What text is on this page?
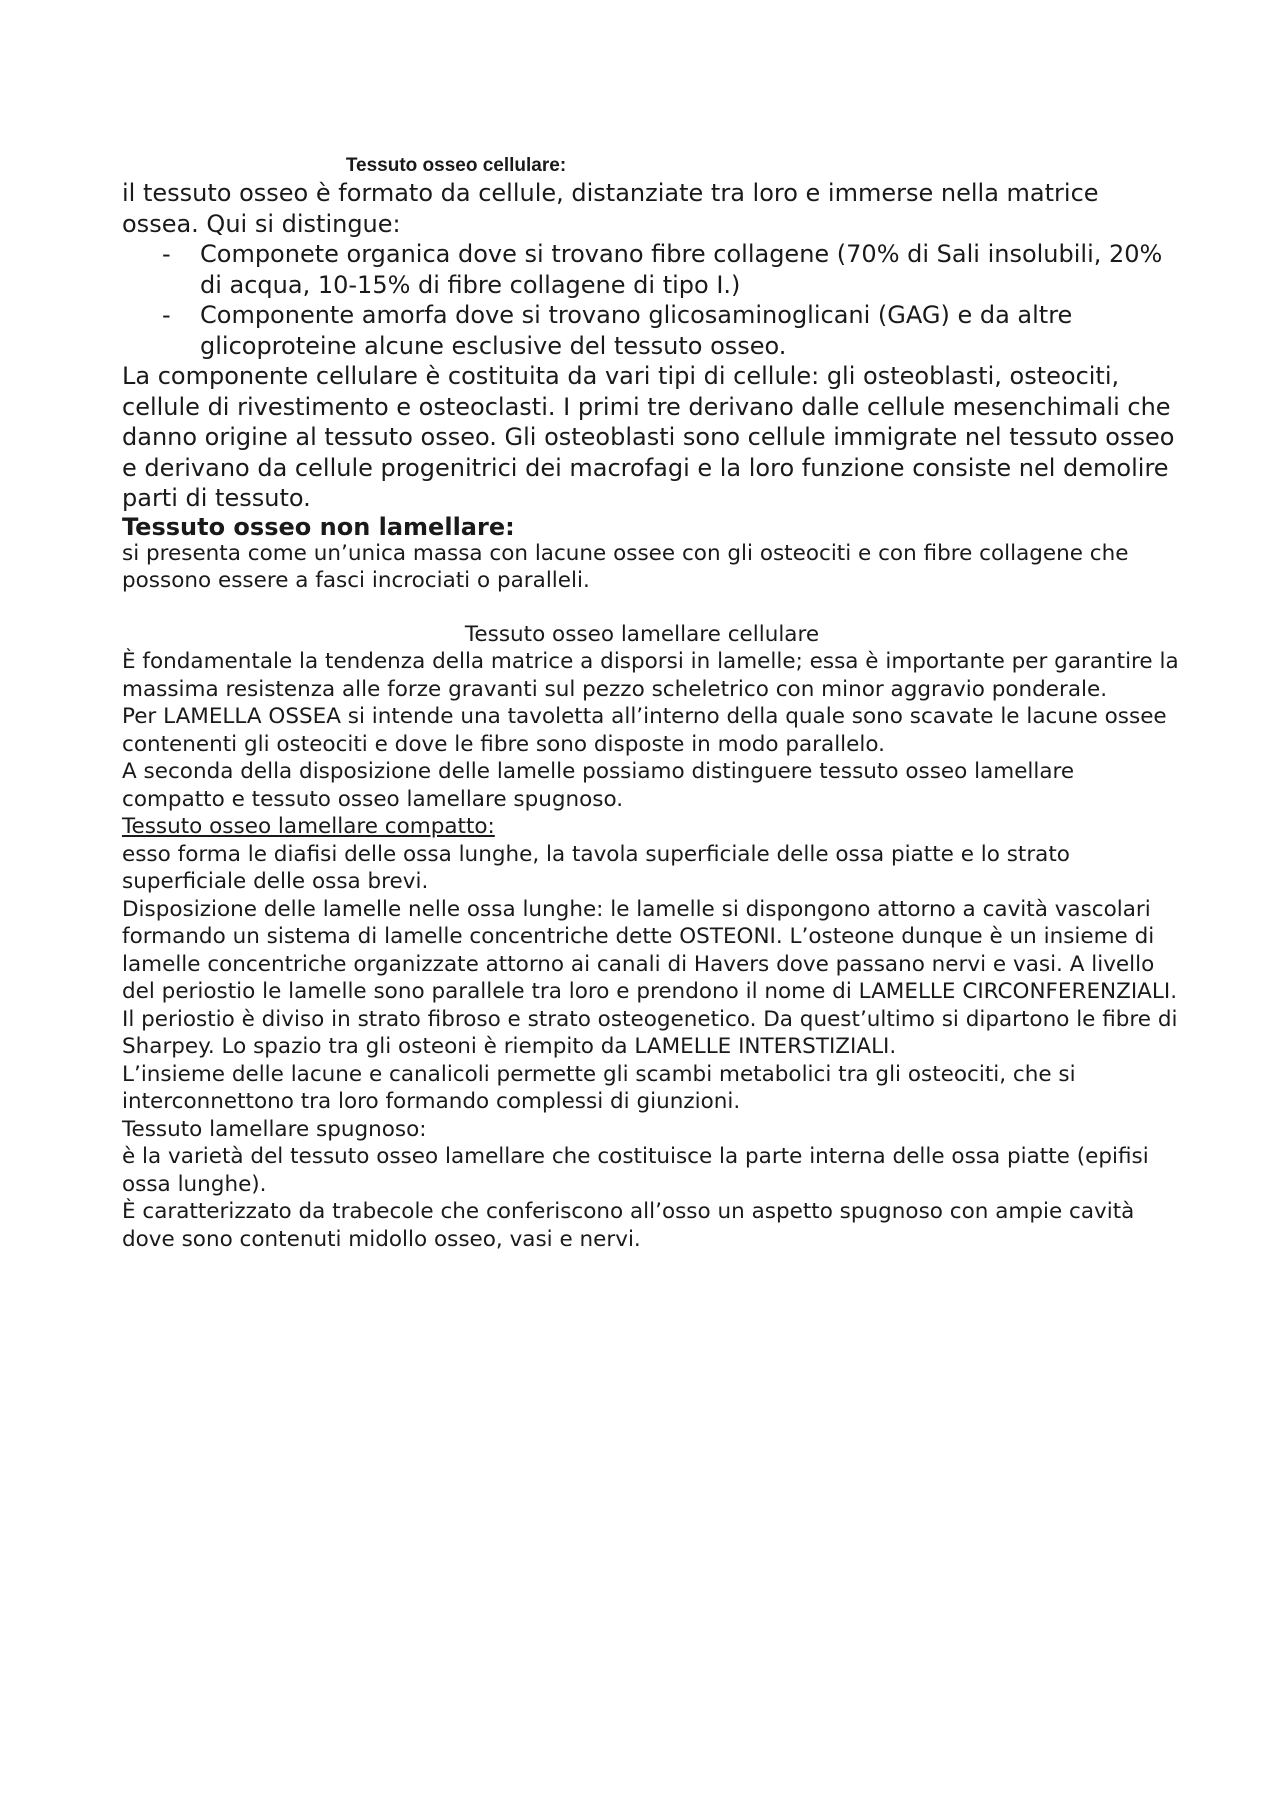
Tessuto osseo cellulare:

il tessuto osseo è formato da cellule, distanziate tra loro e immerse nella matrice ossea. Qui si distingue:

- Componete organica dove si trovano fibre collagene (70% di Sali insolubili, 20% di acqua, 10-15% di fibre collagene di tipo I.)
- Componente amorfa dove si trovano glicosaminoglicani (GAG) e da altre glicoproteine alcune esclusive del tessuto osseo.

La componente cellulare è costituita da vari tipi di cellule: gli osteoblasti, osteociti, cellule di rivestimento e osteoclasti. I primi tre derivano dalle cellule mesenchimali che danno origine al tessuto osseo. Gli osteoblasti sono cellule immigrate nel tessuto osseo e derivano da cellule progenitrici dei macrofagi e la loro funzione consiste nel demolire parti di tessuto.

Tessuto osseo non lamellare:

si presenta come un’unica massa con lacune ossee con gli osteociti e con fibre collagene che possono essere a fasci incrociati o paralleli.

Tessuto osseo lamellare cellulare

È fondamentale la tendenza della matrice a disporsi in lamelle; essa è importante per garantire la massima resistenza alle forze gravanti sul pezzo scheletrico con minor aggravio ponderale.

Per LAMELLA OSSEA si intende una tavoletta all’interno della quale sono scavate le lacune ossee contenenti gli osteociti e dove le fibre sono disposte in modo parallelo.

A seconda della disposizione delle lamelle possiamo distinguere tessuto osseo lamellare compatto e tessuto osseo lamellare spugnoso.

Tessuto osseo lamellare compatto:

esso forma le diafisi delle ossa lunghe, la tavola superficiale delle ossa piatte e lo strato superficiale delle ossa brevi.

Disposizione delle lamelle nelle ossa lunghe: le lamelle si dispongono attorno a cavità vascolari formando un sistema di lamelle concentriche dette OSTEONI. L’osteone dunque è un insieme di lamelle concentriche organizzate attorno ai canali di Havers dove passano nervi e vasi. A livello del periostio le lamelle sono parallele tra loro e prendono il nome di LAMELLE CIRCONFERENZIALI.

Il periostio è diviso in strato fibroso e strato osteogenetico. Da quest’ultimo si dipartono le fibre di Sharpey. Lo spazio tra gli osteoni è riempito da LAMELLE INTERSTIZIALI.

L’insieme delle lacune e canalicoli permette gli scambi metabolici tra gli osteociti, che si interconnettono tra loro formando complessi di giunzioni.

Tessuto lamellare spugnoso:

è la varietà del tessuto osseo lamellare che costituisce la parte interna delle ossa piatte (epifisi ossa lunghe).

È caratterizzato da trabecole che conferiscono all’osso un aspetto spugnoso con ampie cavità dove sono contenuti midollo osseo, vasi e nervi.
